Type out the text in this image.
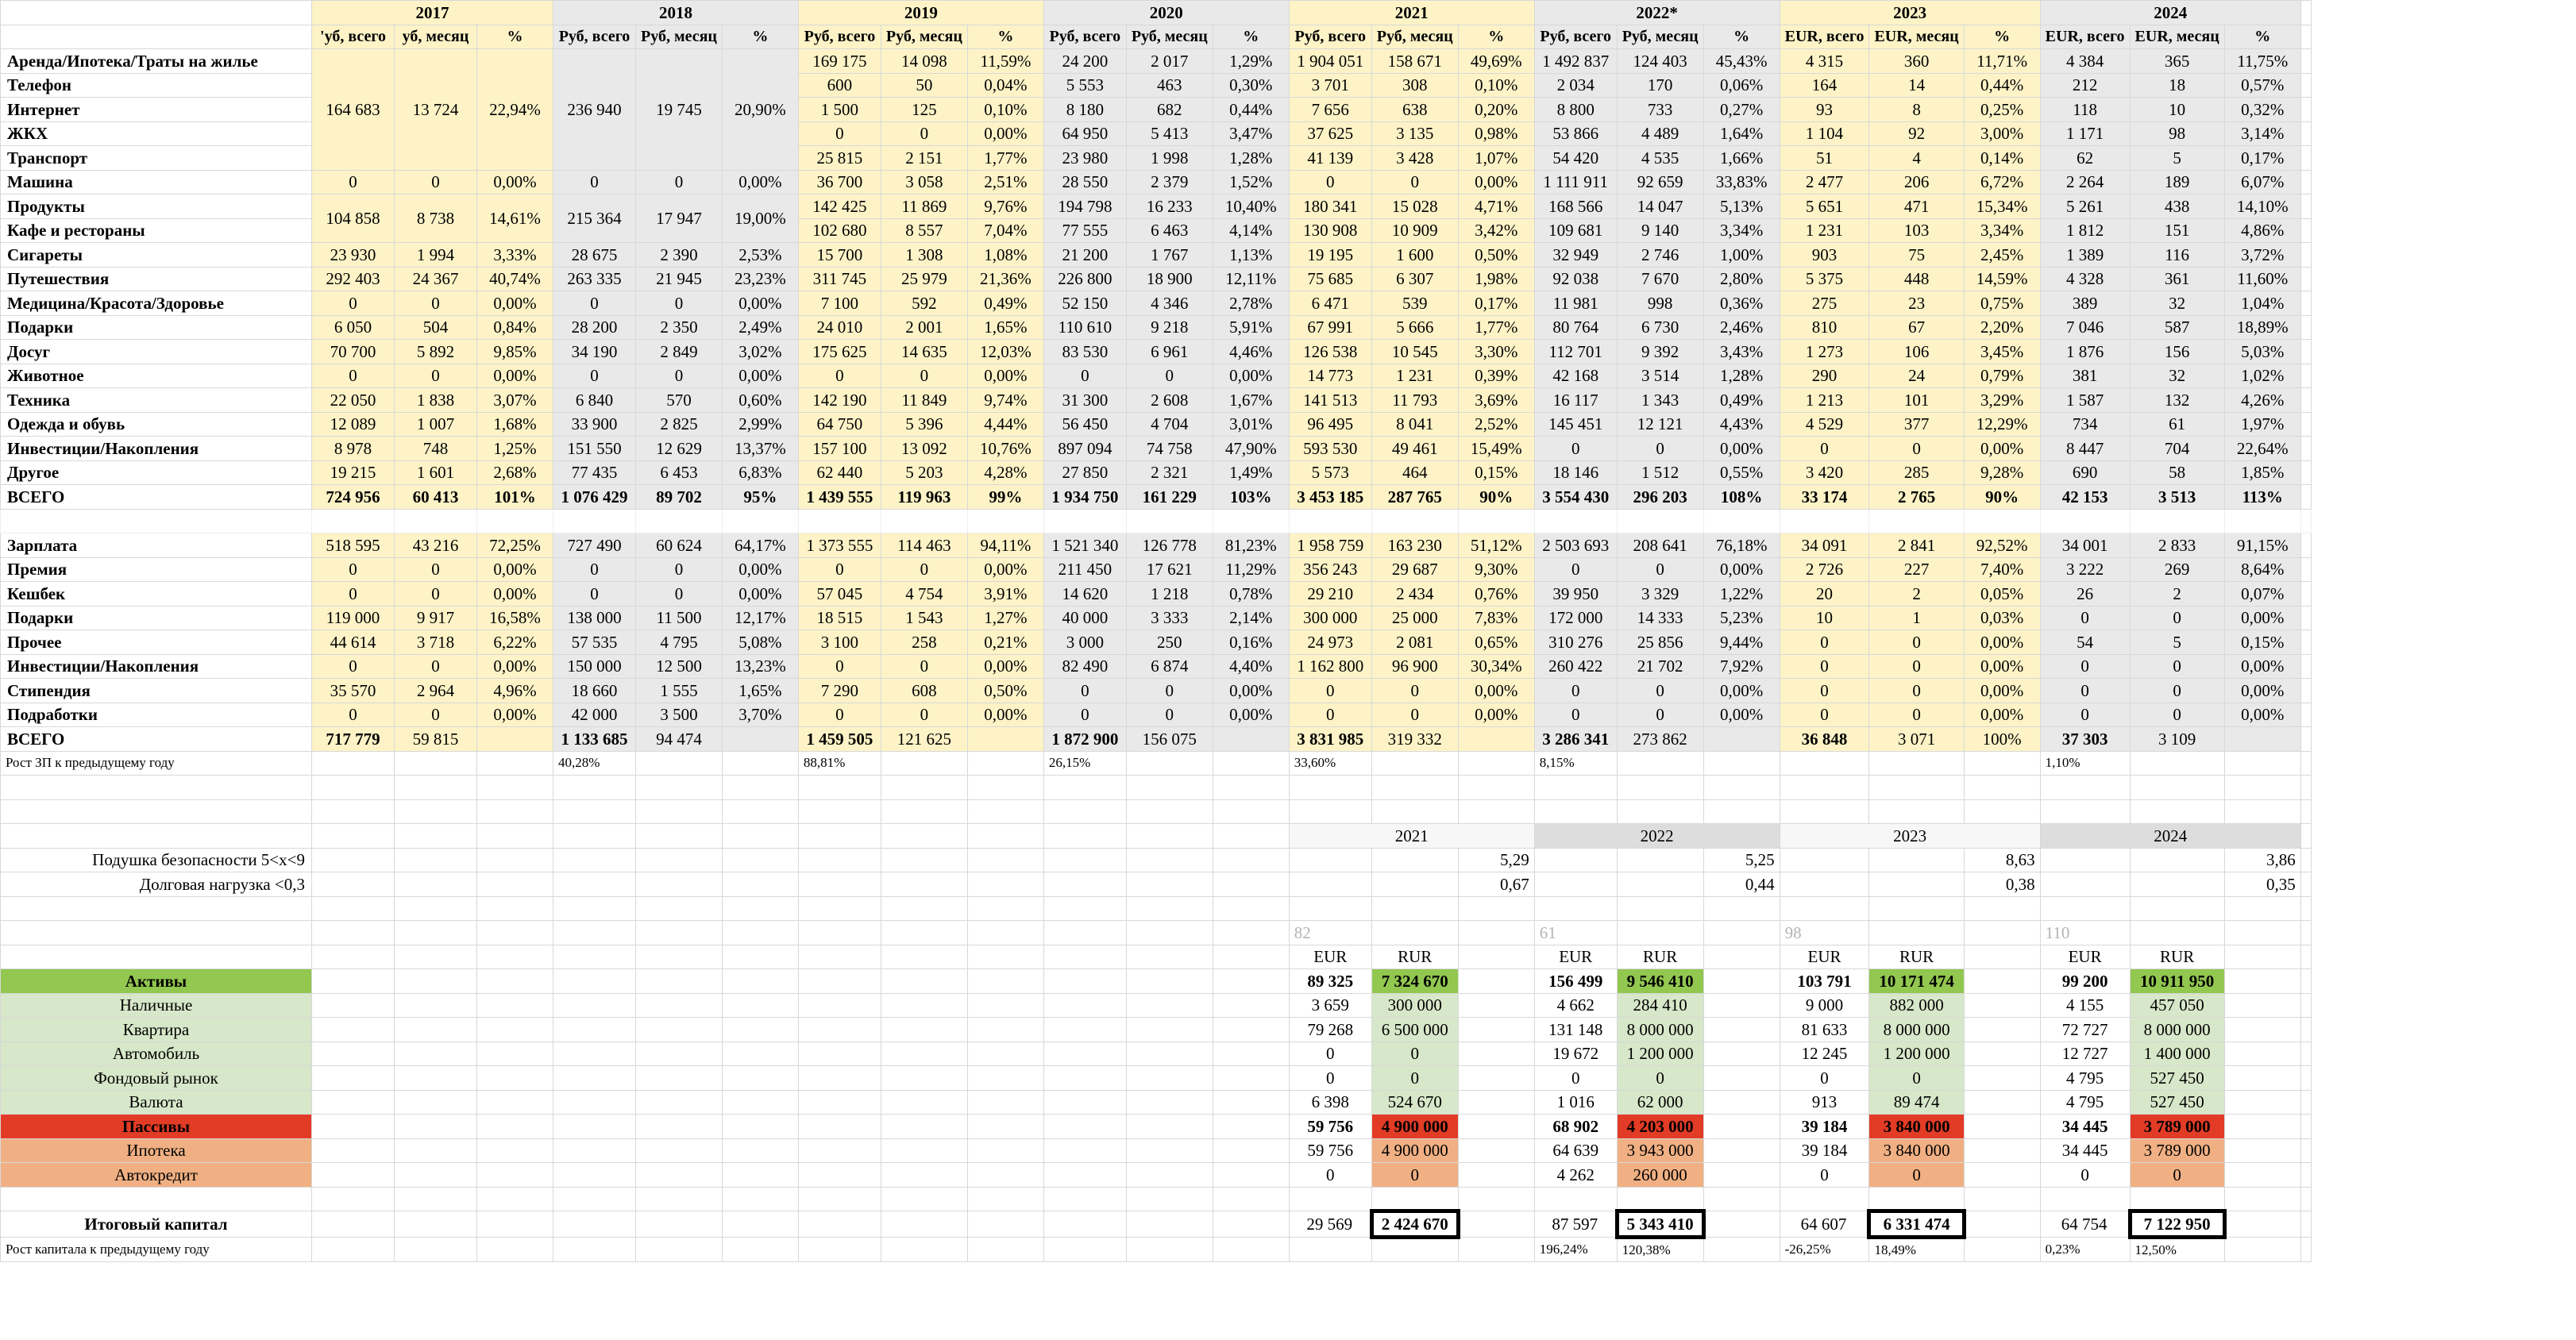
	2017			2018			2019			2020			2021			2022*			2023			2024			
	'уб, всего	уб, месяц	%	Руб, всего	Руб, месяц	%	Руб, всего	Руб, месяц	%	Руб, всего	Руб, месяц	%	Руб, всего	Руб, месяц	%	Руб, всего	Руб, месяц	%	EUR, всего	EUR, месяц	%	EUR, всего	EUR, месяц	%	
Аренда/Ипотека/Траты на жилье	164 683	13 724	22,94%	236 940	19 745	20,90%	169 175	14 098	11,59%	24 200	2 017	1,29%	1 904 051	158 671	49,69%	1 492 837	124 403	45,43%	4 315	360	11,71%	4 384	365	11,75%	
Телефон							600	50	0,04%	5 553	463	0,30%	3 701	308	0,10%	2 034	170	0,06%	164	14	0,44%	212	18	0,57%	
Интернет							1 500	125	0,10%	8 180	682	0,44%	7 656	638	0,20%	8 800	733	0,27%	93	8	0,25%	118	10	0,32%	
ЖКХ							0	0	0,00%	64 950	5 413	3,47%	37 625	3 135	0,98%	53 866	4 489	1,64%	1 104	92	3,00%	1 171	98	3,14%	
Транспорт							25 815	2 151	1,77%	23 980	1 998	1,28%	41 139	3 428	1,07%	54 420	4 535	1,66%	51	4	0,14%	62	5	0,17%	
Машина	0	0	0,00%	0	0	0,00%	36 700	3 058	2,51%	28 550	2 379	1,52%	0	0	0,00%	1 111 911	92 659	33,83%	2 477	206	6,72%	2 264	189	6,07%	
Продукты	104 858	8 738	14,61%	215 364	17 947	19,00%	142 425	11 869	9,76%	194 798	16 233	10,40%	180 341	15 028	4,71%	168 566	14 047	5,13%	5 651	471	15,34%	5 261	438	14,10%	
Кафе и рестораны							102 680	8 557	7,04%	77 555	6 463	4,14%	130 908	10 909	3,42%	109 681	9 140	3,34%	1 231	103	3,34%	1 812	151	4,86%	
Сигареты	23 930	1 994	3,33%	28 675	2 390	2,53%	15 700	1 308	1,08%	21 200	1 767	1,13%	19 195	1 600	0,50%	32 949	2 746	1,00%	903	75	2,45%	1 389	116	3,72%	
Путешествия	292 403	24 367	40,74%	263 335	21 945	23,23%	311 745	25 979	21,36%	226 800	18 900	12,11%	75 685	6 307	1,98%	92 038	7 670	2,80%	5 375	448	14,59%	4 328	361	11,60%	
Медицина/Красота/Здоровье	0	0	0,00%	0	0	0,00%	7 100	592	0,49%	52 150	4 346	2,78%	6 471	539	0,17%	11 981	998	0,36%	275	23	0,75%	389	32	1,04%	
Подарки	6 050	504	0,84%	28 200	2 350	2,49%	24 010	2 001	1,65%	110 610	9 218	5,91%	67 991	5 666	1,77%	80 764	6 730	2,46%	810	67	2,20%	7 046	587	18,89%	
Досуг	70 700	5 892	9,85%	34 190	2 849	3,02%	175 625	14 635	12,03%	83 530	6 961	4,46%	126 538	10 545	3,30%	112 701	9 392	3,43%	1 273	106	3,45%	1 876	156	5,03%	
Животное	0	0	0,00%	0	0	0,00%	0	0	0,00%	0	0	0,00%	14 773	1 231	0,39%	42 168	3 514	1,28%	290	24	0,79%	381	32	1,02%	
Техника	22 050	1 838	3,07%	6 840	570	0,60%	142 190	11 849	9,74%	31 300	2 608	1,67%	141 513	11 793	3,69%	16 117	1 343	0,49%	1 213	101	3,29%	1 587	132	4,26%	
Одежда и обувь	12 089	1 007	1,68%	33 900	2 825	2,99%	64 750	5 396	4,44%	56 450	4 704	3,01%	96 495	8 041	2,52%	145 451	12 121	4,43%	4 529	377	12,29%	734	61	1,97%	
Инвестиции/Накопления	8 978	748	1,25%	151 550	12 629	13,37%	157 100	13 092	10,76%	897 094	74 758	47,90%	593 530	49 461	15,49%	0	0	0,00%	0	0	0,00%	8 447	704	22,64%	
Другое	19 215	1 601	2,68%	77 435	6 453	6,83%	62 440	5 203	4,28%	27 850	2 321	1,49%	5 573	464	0,15%	18 146	1 512	0,55%	3 420	285	9,28%	690	58	1,85%	
ВСЕГО	724 956	60 413	101%	1 076 429	89 702	95%	1 439 555	119 963	99%	1 934 750	161 229	103%	3 453 185	287 765	90%	3 554 430	296 203	108%	33 174	2 765	90%	42 153	3 513	113%	

Зарплата	518 595	43 216	72,25%	727 490	60 624	64,17%	1 373 555	114 463	94,11%	1 521 340	126 778	81,23%	1 958 759	163 230	51,12%	2 503 693	208 641	76,18%	34 091	2 841	92,52%	34 001	2 833	91,15%	
Премия	0	0	0,00%	0	0	0,00%	0	0	0,00%	211 450	17 621	11,29%	356 243	29 687	9,30%	0	0	0,00%	2 726	227	7,40%	3 222	269	8,64%	
Кешбек	0	0	0,00%	0	0	0,00%	57 045	4 754	3,91%	14 620	1 218	0,78%	29 210	2 434	0,76%	39 950	3 329	1,22%	20	2	0,05%	26	2	0,07%	
Подарки	119 000	9 917	16,58%	138 000	11 500	12,17%	18 515	1 543	1,27%	40 000	3 333	2,14%	300 000	25 000	7,83%	172 000	14 333	5,23%	10	1	0,03%	0	0	0,00%	
Прочее	44 614	3 718	6,22%	57 535	4 795	5,08%	3 100	258	0,21%	3 000	250	0,16%	24 973	2 081	0,65%	310 276	25 856	9,44%	0	0	0,00%	54	5	0,15%	
Инвестиции/Накопления	0	0	0,00%	150 000	12 500	13,23%	0	0	0,00%	82 490	6 874	4,40%	1 162 800	96 900	30,34%	260 422	21 702	7,92%	0	0	0,00%	0	0	0,00%	
Стипендия	35 570	2 964	4,96%	18 660	1 555	1,65%	7 290	608	0,50%	0	0	0,00%	0	0	0,00%	0	0	0,00%	0	0	0,00%	0	0	0,00%	
Подработки	0	0	0,00%	42 000	3 500	3,70%	0	0	0,00%	0	0	0,00%	0	0	0,00%	0	0	0,00%	0	0	0,00%	0	0	0,00%	
ВСЕГО	717 779	59 815		1 133 685	94 474		1 459 505	121 625		1 872 900	156 075		3 831 985	319 332		3 286 341	273 862		36 848	3 071	100%	37 303	3 109		
Рост ЗП к предыдущему году				40,28%			88,81%			26,15%			33,60%			8,15%						1,10%			

													2021			2022			2023			2024			
Подушка безопасности 5<x<9															5,29			5,25			8,63			3,86	
Долговая нагрузка <0,3															0,67			0,44			0,38			0,35	

													82			61			98			110			
													EUR	RUR		EUR	RUR		EUR	RUR		EUR	RUR		
Активы													89 325	7 324 670		156 499	9 546 410		103 791	10 171 474		99 200	10 911 950		
Наличные													3 659	300 000		4 662	284 410		9 000	882 000		4 155	457 050		
Квартира													79 268	6 500 000		131 148	8 000 000		81 633	8 000 000		72 727	8 000 000		
Автомобиль													0	0		19 672	1 200 000		12 245	1 200 000		12 727	1 400 000		
Фондовый рынок													0	0		0	0		0	0		4 795	527 450		
Валюта													6 398	524 670		1 016	62 000		913	89 474		4 795	527 450		
Пассивы													59 756	4 900 000		68 902	4 203 000		39 184	3 840 000		34 445	3 789 000		
Ипотека													59 756	4 900 000		64 639	3 943 000		39 184	3 840 000		34 445	3 789 000		
Автокредит													0	0		4 262	260 000		0	0		0	0		

Итоговый капитал													29 569	2 424 670		87 597	5 343 410		64 607	6 331 474		64 754	7 122 950		
Рост капитала к предыдущему году																196,24%	120,38%		-26,25%	18,49%		0,23%	12,50%		
